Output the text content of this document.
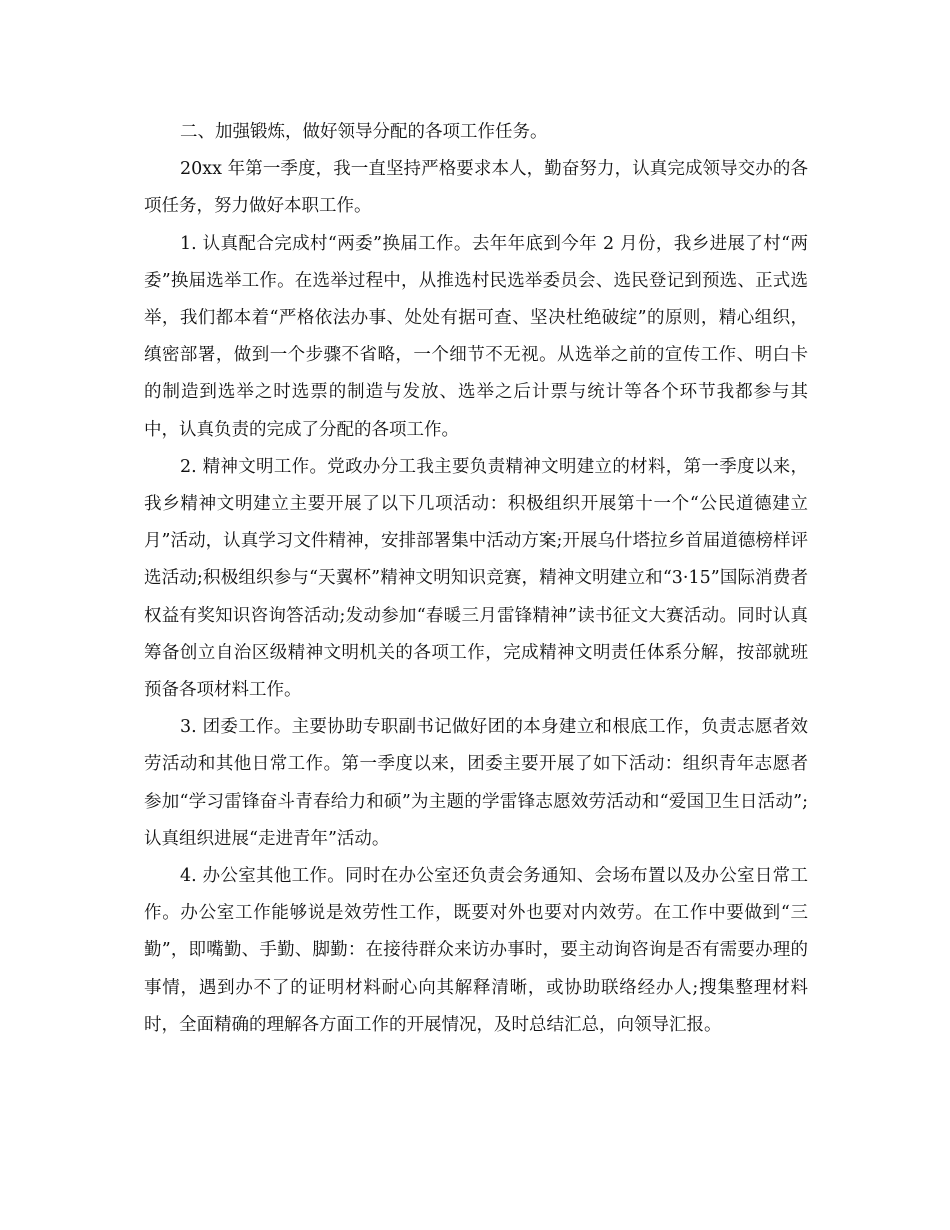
二、加强锻炼，做好领导分配的各项工作任务。

20xx 年第一季度，我一直坚持严格要求本人，勤奋努力，认真完成领导交办的各项任务，努力做好本职工作。

1. 认真配合完成村“两委”换届工作。去年年底到今年 2 月份，我乡进展了村“两委”换届选举工作。在选举过程中，从推选村民选举委员会、选民登记到预选、正式选举，我们都本着“严格依法办事、处处有据可查、坚决杜绝破绽”的原则，精心组织，缜密部署，做到一个步骤不省略，一个细节不无视。从选举之前的宣传工作、明白卡的制造到选举之时选票的制造与发放、选举之后计票与统计等各个环节我都参与其中，认真负责的完成了分配的各项工作。

2. 精神文明工作。党政办分工我主要负责精神文明建立的材料，第一季度以来，我乡精神文明建立主要开展了以下几项活动：积极组织开展第十一个“公民道德建立月”活动，认真学习文件精神，安排部署集中活动方案;开展乌什塔拉乡首届道德榜样评选活动;积极组织参与“天翼杯”精神文明知识竞赛，精神文明建立和“3·15”国际消费者权益有奖知识咨询答活动;发动参加“春暖三月雷锋精神”读书征文大赛活动。同时认真筹备创立自治区级精神文明机关的各项工作，完成精神文明责任体系分解，按部就班预备各项材料工作。

3. 团委工作。主要协助专职副书记做好团的本身建立和根底工作，负责志愿者效劳活动和其他日常工作。第一季度以来，团委主要开展了如下活动：组织青年志愿者参加“学习雷锋奋斗青春给力和硕”为主题的学雷锋志愿效劳活动和“爱国卫生日活动”;认真组织进展“走进青年”活动。

4. 办公室其他工作。同时在办公室还负责会务通知、会场布置以及办公室日常工作。办公室工作能够说是效劳性工作，既要对外也要对内效劳。在工作中要做到“三勤”，即嘴勤、手勤、脚勤：在接待群众来访办事时，要主动询咨询是否有需要办理的事情，遇到办不了的证明材料耐心向其解释清晰，或协助联络经办人;搜集整理材料时，全面精确的理解各方面工作的开展情况，及时总结汇总，向领导汇报。
